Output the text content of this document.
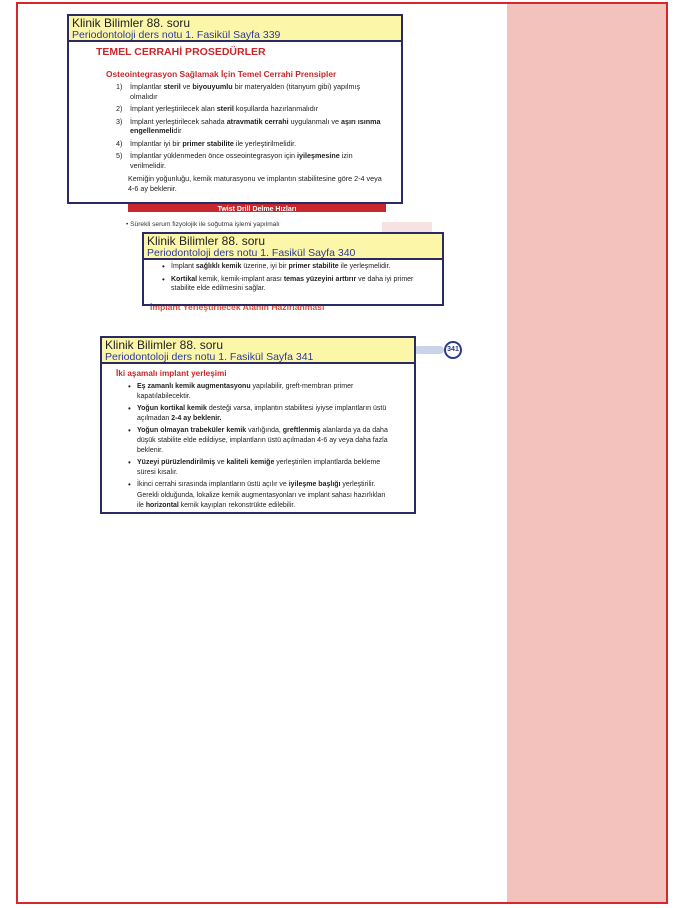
TEMEL CERRAHİ PROSEDÜRLER
Osteointegrasyon Sağlamak İçin Temel Cerrahi Prensipler
1)	İmplantlar steril ve biyouyumlu bir materyalden (titanyum gibi) yapılmış olmalıdır
2)	İmplant yerleştirilecek alan steril koşullarda hazırlanmalıdır
3)	İmplant yerleştirilecek sahada atravmatik cerrahi uygulanmalı ve aşırı ısınma engellenmelidir
4)	İmplantlar iyi bir primer stabilite ile yerleştirilmelidir.
5)	İmplantlar yüklenmeden önce osseointegrasyon için iyileşmesine izin verilmelidir.

Kemiğin yoğunluğu, kemik maturasyonu ve implantın stabilitesine göre 2-4 veya 4-6 ay beklenir.

Twist Drill Delme Hızları

• Sürekli serum fizyolojik ile soğutma işlemi yapılmalı

Klinik Bilimler 88. soru
Periodontoloji ders notu 1. Fasikül Sayfa 339
• İmplant sağlıklı kemik üzerine, iyi bir primer stabilite ile yerleşmelidir.
• Kortikal kemik, kemik-implant arası temas yüzeyini arttırır ve daha iyi primer stabilite elde edilmesini sağlar.
İmplant Yerleştirilecek Alanın Hazırlanması
Klinik Bilimler 88. soru
Periodontoloji ders notu 1. Fasikül Sayfa 340
341
İki aşamalı implant yerleşimi
• Eş zamanlı kemik augmentasyonu yapılabilir, greft-membran primer kapatılabilecektir.
• Yoğun kortikal kemik desteği varsa, implantın stabilitesi iyiyse implantların üstü açılmadan 2-4 ay beklenir.
• Yoğun olmayan trabeküler kemik varlığında, greftlenmiş alanlarda ya da daha düşük stabilite elde edildiyse, implantların üstü açılmadan 4-6 ay veya daha fazla beklenir.
• Yüzeyi pürüzlendirilmiş ve kaliteli kemiğe yerleştirilen implantlarda bekleme süresi kısalır.
• İkinci cerrahi sırasında implantların üstü açılır ve iyileşme başlığı yerleştirilir.

Gerekli olduğunda, lokalize kemik augmentasyonları ve implant sahası hazırlıkları ile horizontal kemik kayıpları rekonstrükte edilebilir.

Klinik Bilimler 88. soru
Periodontoloji ders notu 1. Fasikül Sayfa 341
